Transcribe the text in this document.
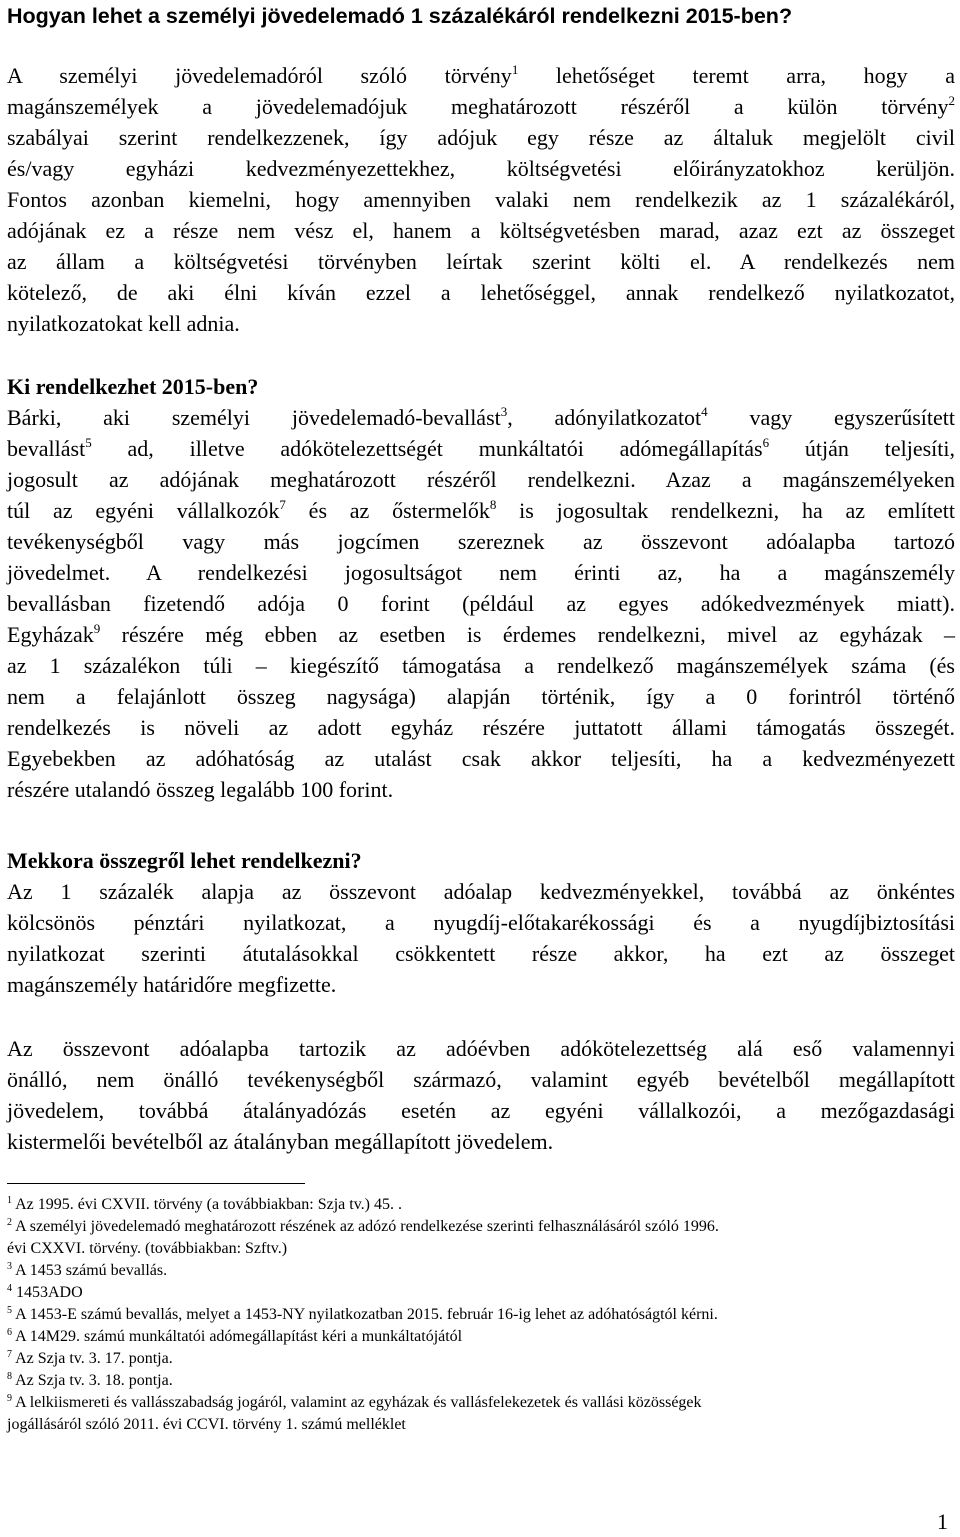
Hogyan lehet a személyi jövedelemadó 1 százalékáról rendelkezni 2015-ben?
A személyi jövedelemadóról szóló törvény$^1$ lehetőséget teremt arra, hogy a
magánszemélyek a jövedelemadójuk meghatározott részéről a külön törvény$^2$
szabályai szerint rendelkezzenek, így adójuk egy része az általuk megjelölt civil
és/vagy egyházi kedvezményezettekhez, költségvetési előirányzatokhoz kerüljön.
Fontos azonban kiemelni, hogy amennyiben valaki nem rendelkezik az 1 százalékáról,
adójának ez a része nem vész el, hanem a költségvetésben marad, azaz ezt az összeget
az állam a költségvetési törvényben leírtak szerint költi el. A rendelkezés nem
kötelező, de aki élni kíván ezzel a lehetőséggel, annak rendelkező nyilatkozatot,
nyilatkozatokat kell adnia.
Ki rendelkezhet 2015-ben?
Bárki, aki személyi jövedelemadó-bevallást$^3$, adónyilatkozatot$^4$ vagy egyszerűsített
bevallást$^5$ ad, illetve adókötelezettségét munkáltatói adómegállapítás$^6$ útján teljesíti,
jogosult az adójának meghatározott részéről rendelkezni. Azaz a magánszemélyeken
túl az egyéni vállalkozók$^7$ és az őstermelők$^8$ is jogosultak rendelkezni, ha az említett
tevékenységből vagy más jogcímen szereznek az összevont adóalapba tartozó
jövedelmet. A rendelkezési jogosultságot nem érinti az, ha a magánszemély
bevallásban fizetendő adója 0 forint (például az egyes adókedvezmények miatt).
Egyházak$^9$ részére még ebben az esetben is érdemes rendelkezni, mivel az egyházak –
az 1 százalékon túli – kiegészítő támogatása a rendelkező magánszemélyek száma (és
nem a felajánlott összeg nagysága) alapján történik, így a 0 forintról történő
rendelkezés is növeli az adott egyház részére juttatott állami támogatás összegét.
Egyebekben az adóhatóság az utalást csak akkor teljesíti, ha a kedvezményezett
részére utalandó összeg legalább 100 forint.
Mekkora összegről lehet rendelkezni?
Az 1 százalék alapja az összevont adóalap kedvezményekkel, továbbá az önkéntes
kölcsönös pénztári nyilatkozat, a nyugdíj-előtakarékossági és a nyugdíjbiztosítási
nyilatkozat szerinti átutalásokkal csökkentett része akkor, ha ezt az összeget
magánszemély határidőre megfizette.
Az összevont adóalapba tartozik az adóévben adókötelezettség alá eső valamennyi
önálló, nem önálló tevékenységből származó, valamint egyéb bevételből megállapított
jövedelem, továbbá átalányadózás esetén az egyéni vállalkozói, a mezőgazdasági
kistermelői bevételből az átalányban megállapított jövedelem.
$^1$ Az 1995. évi CXVII. törvény (a továbbiakban: Szja tv.) 45. .
$^2$ A személyi jövedelemadó meghatározott részének az adózó rendelkezése szerinti felhasználásáról szóló 1996.
évi CXXVI. törvény. (továbbiakban: Szftv.)
$^3$ A 1453 számú bevallás.
$^4$ 1453ADO
$^5$ A 1453-E számú bevallás, melyet a 1453-NY nyilatkozatban 2015. február 16-ig lehet az adóhatóságtól kérni.
$^6$ A 14M29. számú munkáltatói adómegállapítást kéri a munkáltatójától
$^7$ Az Szja tv. 3. 17. pontja.
$^8$ Az Szja tv. 3. 18. pontja.
$^9$ A lelkiismereti és vallásszabadság jogáról, valamint az egyházak és vallásfelekezetek és vallási közösségek
jogállásáról szóló 2011. évi CCVI. törvény 1. számú melléklet
1
